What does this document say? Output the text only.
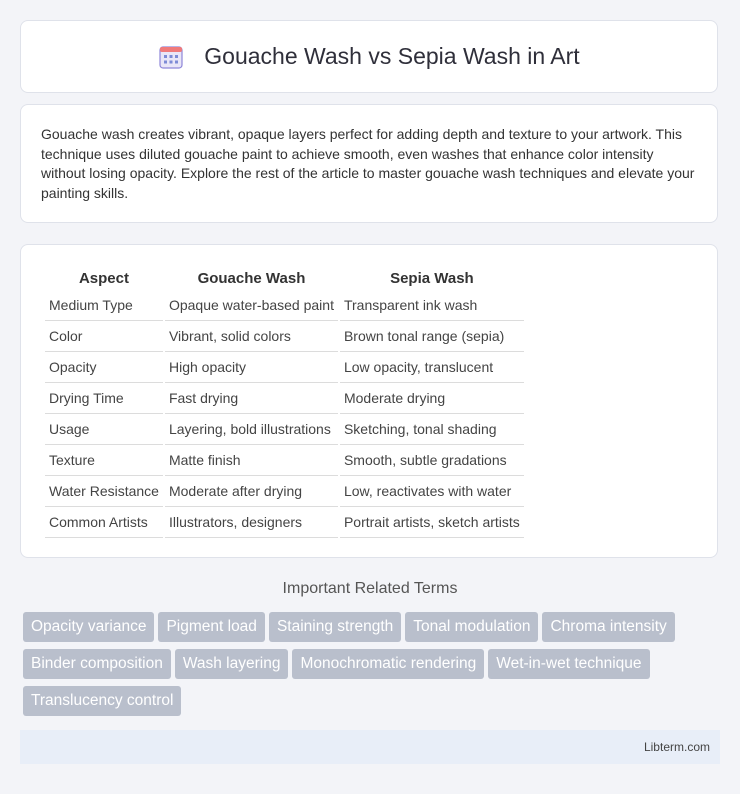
Gouache Wash vs Sepia Wash in Art

Gouache wash creates vibrant, opaque layers perfect for adding depth and texture to your artwork. This technique uses diluted gouache paint to achieve smooth, even washes that enhance color intensity without losing opacity. Explore the rest of the article to master gouache wash techniques and elevate your painting skills.

Aspect	Gouache Wash	Sepia Wash
Medium Type	Opaque water-based paint	Transparent ink wash
Color	Vibrant, solid colors	Brown tonal range (sepia)
Opacity	High opacity	Low opacity, translucent
Drying Time	Fast drying	Moderate drying
Usage	Layering, bold illustrations	Sketching, tonal shading
Texture	Matte finish	Smooth, subtle gradations
Water Resistance	Moderate after drying	Low, reactivates with water
Common Artists	Illustrators, designers	Portrait artists, sketch artists
Important Related Terms
Opacity variance Pigment load Staining strength Tonal modulation Chroma intensityBinder composition Wash layering Monochromatic rendering Wet-in-wet techniqueTranslucency control
Libterm.com
